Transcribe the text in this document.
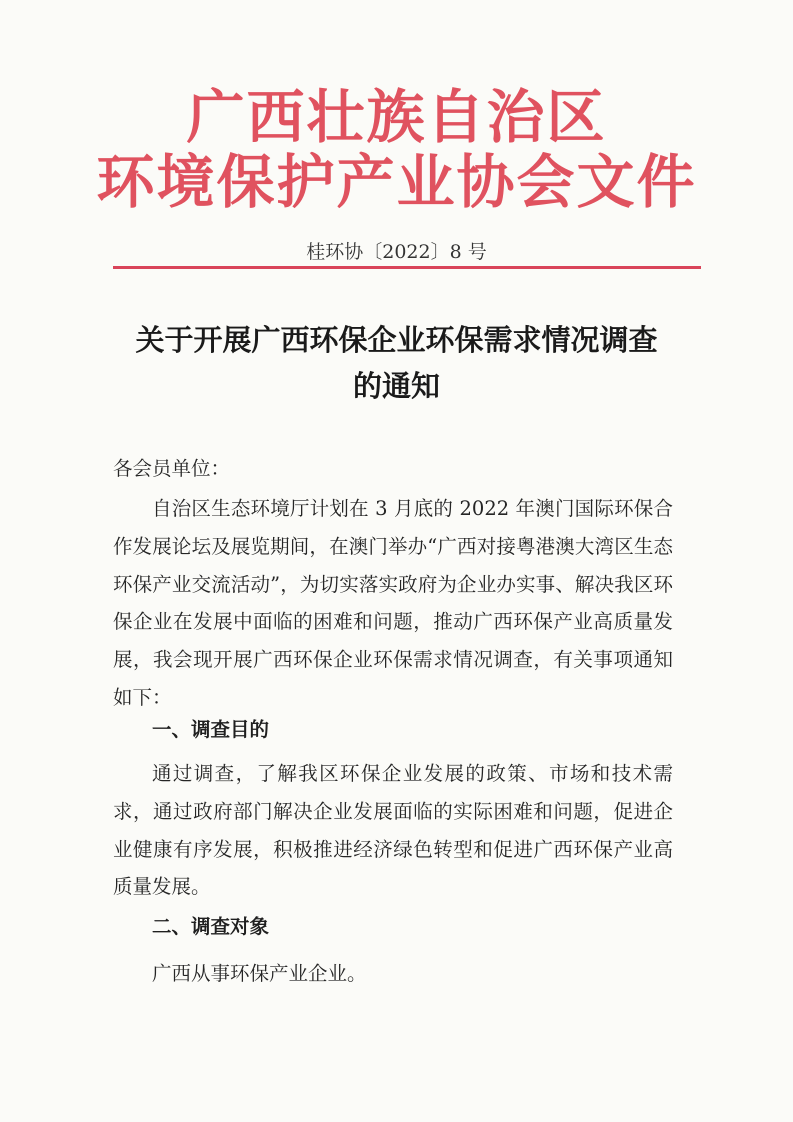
广西壮族自治区
环境保护产业协会文件
桂环协〔2022〕8 号
关于开展广西环保企业环保需求情况调查
的通知
各会员单位：
自治区生态环境厅计划在 3 月底的 2022 年澳门国际环保合作发展论坛及展览期间，在澳门举办“广西对接粤港澳大湾区生态环保产业交流活动”，为切实落实政府为企业办实事、解决我区环保企业在发展中面临的困难和问题，推动广西环保产业高质量发展，我会现开展广西环保企业环保需求情况调查，有关事项通知如下：
一、调查目的
通过调查，了解我区环保企业发展的政策、市场和技术需求，通过政府部门解决企业发展面临的实际困难和问题，促进企业健康有序发展，积极推进经济绿色转型和促进广西环保产业高质量发展。
二、调查对象
广西从事环保产业企业。
